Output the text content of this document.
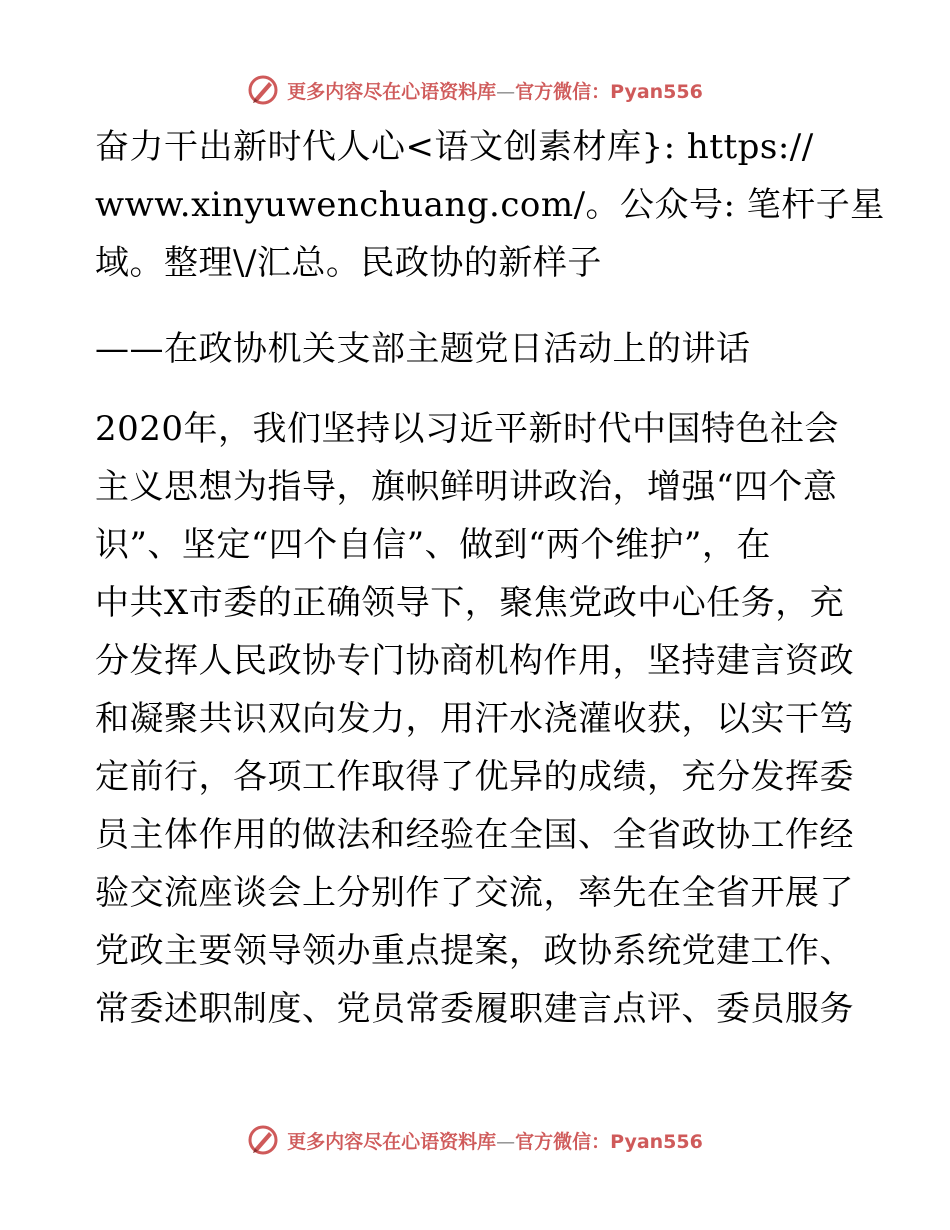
更多内容尽在心语资料库—官方微信：Pyan556
奋力干出新时代人心<语文创素材库}: https://
www.xinyuwenchuang.com/。公众号: 笔杆子星
域。整理\/汇总。民政协的新样子
——在政协机关支部主题党日活动上的讲话
2020年，我们坚持以习近平新时代中国特色社会
主义思想为指导，旗帜鲜明讲政治，增强“四个意
识”、坚定“四个自信”、做到“两个维护”，在
中共X市委的正确领导下，聚焦党政中心任务，充
分发挥人民政协专门协商机构作用，坚持建言资政
和凝聚共识双向发力，用汗水浇灌收获，以实干笃
定前行，各项工作取得了优异的成绩，充分发挥委
员主体作用的做法和经验在全国、全省政协工作经
验交流座谈会上分别作了交流，率先在全省开展了
党政主要领导领办重点提案，政协系统党建工作、
常委述职制度、党员常委履职建言点评、委员服务
更多内容尽在心语资料库—官方微信：Pyan556
